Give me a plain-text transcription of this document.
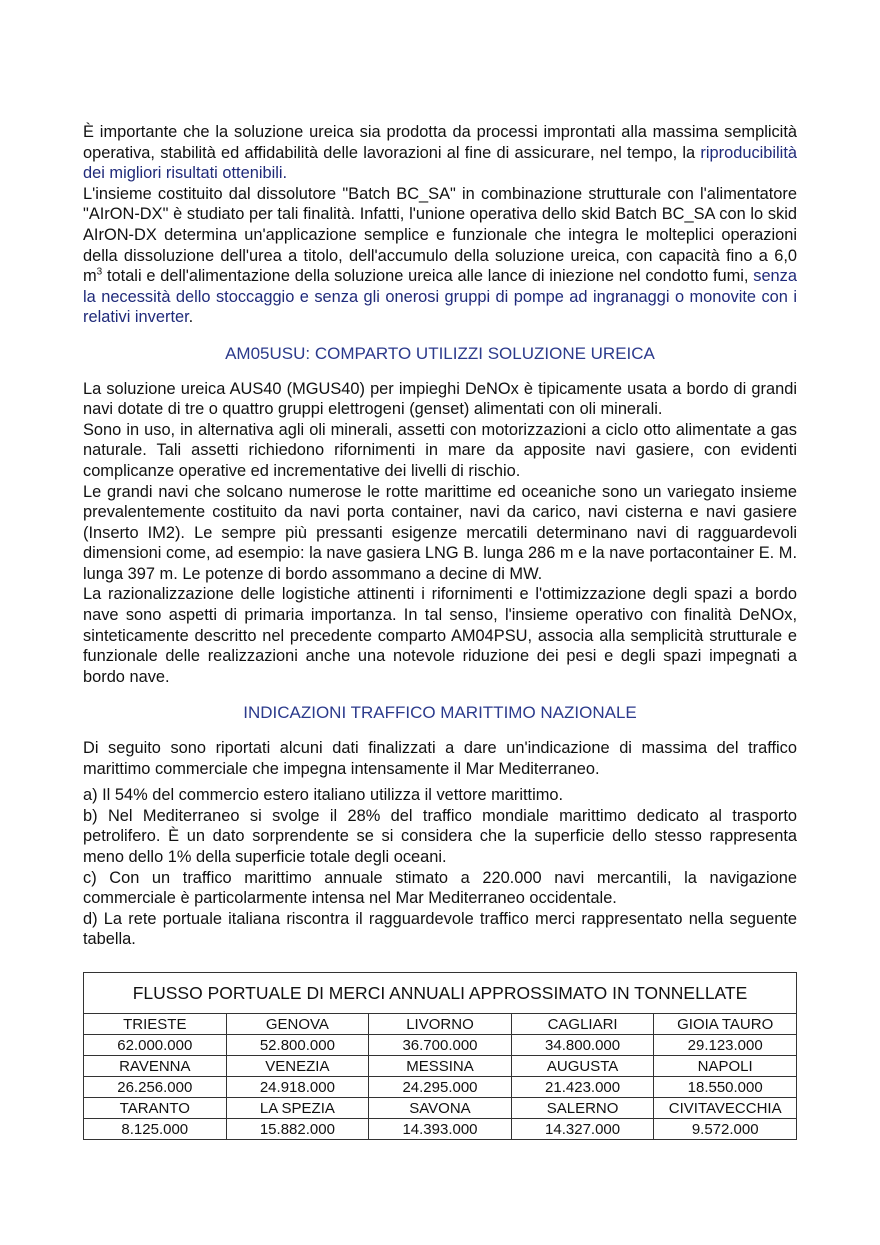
È importante che la soluzione ureica sia prodotta da processi improntati alla massima semplicità operativa, stabilità ed affidabilità delle lavorazioni al fine di assicurare, nel tempo, la riproducibilità dei migliori risultati ottenibili.

L'insieme costituito dal dissolutore "Batch BC_SA" in combinazione strutturale con l'alimentatore "AIrON-DX" è studiato per tali finalità. Infatti, l'unione operativa dello skid Batch BC_SA con lo skid AIrON-DX determina un'applicazione semplice e funzionale che integra le molteplici operazioni della dissoluzione dell'urea a titolo, dell'accumulo della soluzione ureica, con capacità fino a 6,0 $m^3$ totali e dell'alimentazione della soluzione ureica alle lance di iniezione nel condotto fumi, senza la necessità dello stoccaggio e senza gli onerosi gruppi di pompe ad ingranaggi o monovite con i relativi inverter.

AM05USU: COMPARTO UTILIZZI SOLUZIONE UREICA

La soluzione ureica AUS40 (MGUS40) per impieghi DeNOx è tipicamente usata a bordo di grandi navi dotate di tre o quattro gruppi elettrogeni (genset) alimentati con oli minerali.

Sono in uso, in alternativa agli oli minerali, assetti con motorizzazioni a ciclo otto alimentate a gas naturale. Tali assetti richiedono rifornimenti in mare da apposite navi gasiere, con evidenti complicanze operative ed incrementative dei livelli di rischio.

Le grandi navi che solcano numerose le rotte marittime ed oceaniche sono un variegato insieme prevalentemente costituito da navi porta container, navi da carico, navi cisterna e navi gasiere (Inserto IM2). Le sempre più pressanti esigenze mercatili determinano navi di ragguardevoli dimensioni come, ad esempio: la nave gasiera LNG B. lunga 286 m e la nave portacontainer E. M. lunga 397 m. Le potenze di bordo assommano a decine di MW.

La razionalizzazione delle logistiche attinenti i rifornimenti e l'ottimizzazione degli spazi a bordo nave sono aspetti di primaria importanza. In tal senso, l'insieme operativo con finalità DeNOx, sinteticamente descritto nel precedente comparto AM04PSU, associa alla semplicità strutturale e funzionale delle realizzazioni anche una notevole riduzione dei pesi e degli spazi impegnati a bordo nave.

INDICAZIONI TRAFFICO MARITTIMO NAZIONALE

Di seguito sono riportati alcuni dati finalizzati a dare un'indicazione di massima del traffico marittimo commerciale che impegna intensamente il Mar Mediterraneo.

a) Il 54% del commercio estero italiano utilizza il vettore marittimo.

b) Nel Mediterraneo si svolge il 28% del traffico mondiale marittimo dedicato al trasporto petrolifero. È un dato sorprendente se si considera che la superficie dello stesso rappresenta meno dello 1% della superficie totale degli oceani.

c) Con un traffico marittimo annuale stimato a 220.000 navi mercantili, la navigazione commerciale è particolarmente intensa nel Mar Mediterraneo occidentale.

d) La rete portuale italiana riscontra il ragguardevole traffico merci rappresentato nella seguente tabella.

FLUSSO PORTUALE DI MERCI ANNUALI APPROSSIMATO IN TONNELLATE				
TRIESTE	GENOVA	LIVORNO	CAGLIARI	GIOIA TAURO
62.000.000	52.800.000	36.700.000	34.800.000	29.123.000
RAVENNA	VENEZIA	MESSINA	AUGUSTA	NAPOLI
26.256.000	24.918.000	24.295.000	21.423.000	18.550.000
TARANTO	LA SPEZIA	SAVONA	SALERNO	CIVITAVECCHIA
8.125.000	15.882.000	14.393.000	14.327.000	9.572.000
